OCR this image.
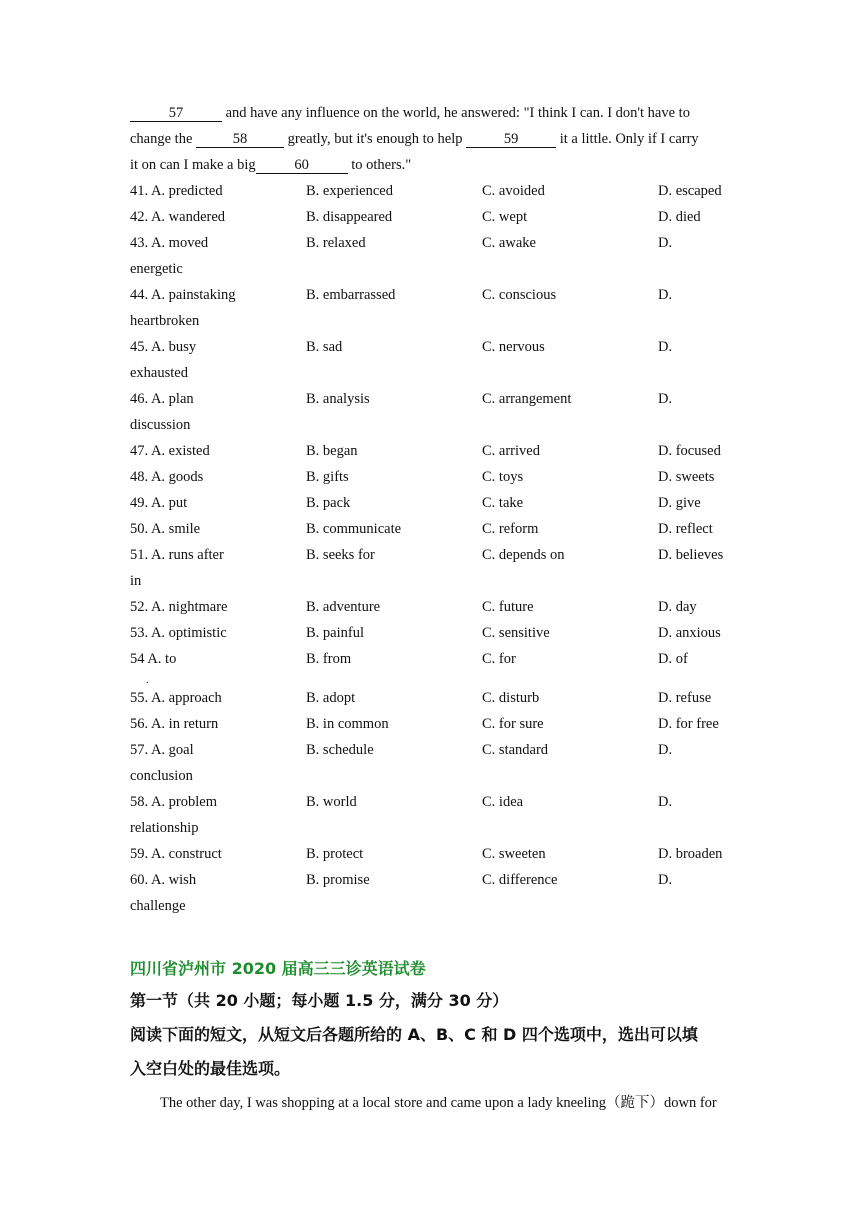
57	and have any influence on the world, he answered: "I think I can. I don't have to
change the	58	greatly, but it's enough to help	59	it a little. Only if I carry
it on can I make a big	60	to others."
41. A. predicted	B. experienced	C. avoided	D. escaped
42. A. wandered	B. disappeared	C. wept	D. died
43. A. moved	B. relaxed	C. awake	D.
energetic
44. A. painstaking	B. embarrassed	C. conscious	D.
heartbroken
45. A. busy	B. sad	C. nervous	D.
exhausted
46. A. plan	B. analysis	C. arrangement	D.
discussion
47. A. existed	B. began	C. arrived	D. focused
48. A. goods	B. gifts	C. toys	D. sweets
49. A. put	B. pack	C. take	D. give
50. A. smile	B. communicate	C. reform	D. reflect
51. A. runs after	B. seeks for	C. depends on	D. believes
in
52. A. nightmare	B. adventure	C. future	D. day
53. A. optimistic	B. painful	C. sensitive	D. anxious
54 A. to	B. from	C. for	D. of
55. A. approach	B. adopt	C. disturb	D. refuse
56. A. in return	B. in common	C. for sure	D. for free
57. A. goal	B. schedule	C. standard	D.
conclusion
58. A. problem	B. world	C. idea	D.
relationship
59. A. construct	B. protect	C. sweeten	D. broaden
60. A. wish	B. promise	C. difference	D.
challenge
.
四川省泸州市 2020 届高三三诊英语试卷
第一节（共 20 小题；每小题 1.5 分，满分 30 分）
阅读下面的短文，从短文后各题所给的 A、B、C 和 D 四个选项中，选出可以填
入空白处的最佳选项。
The other day, I was shopping at a local store and came upon a lady kneeling（跪下）down for
